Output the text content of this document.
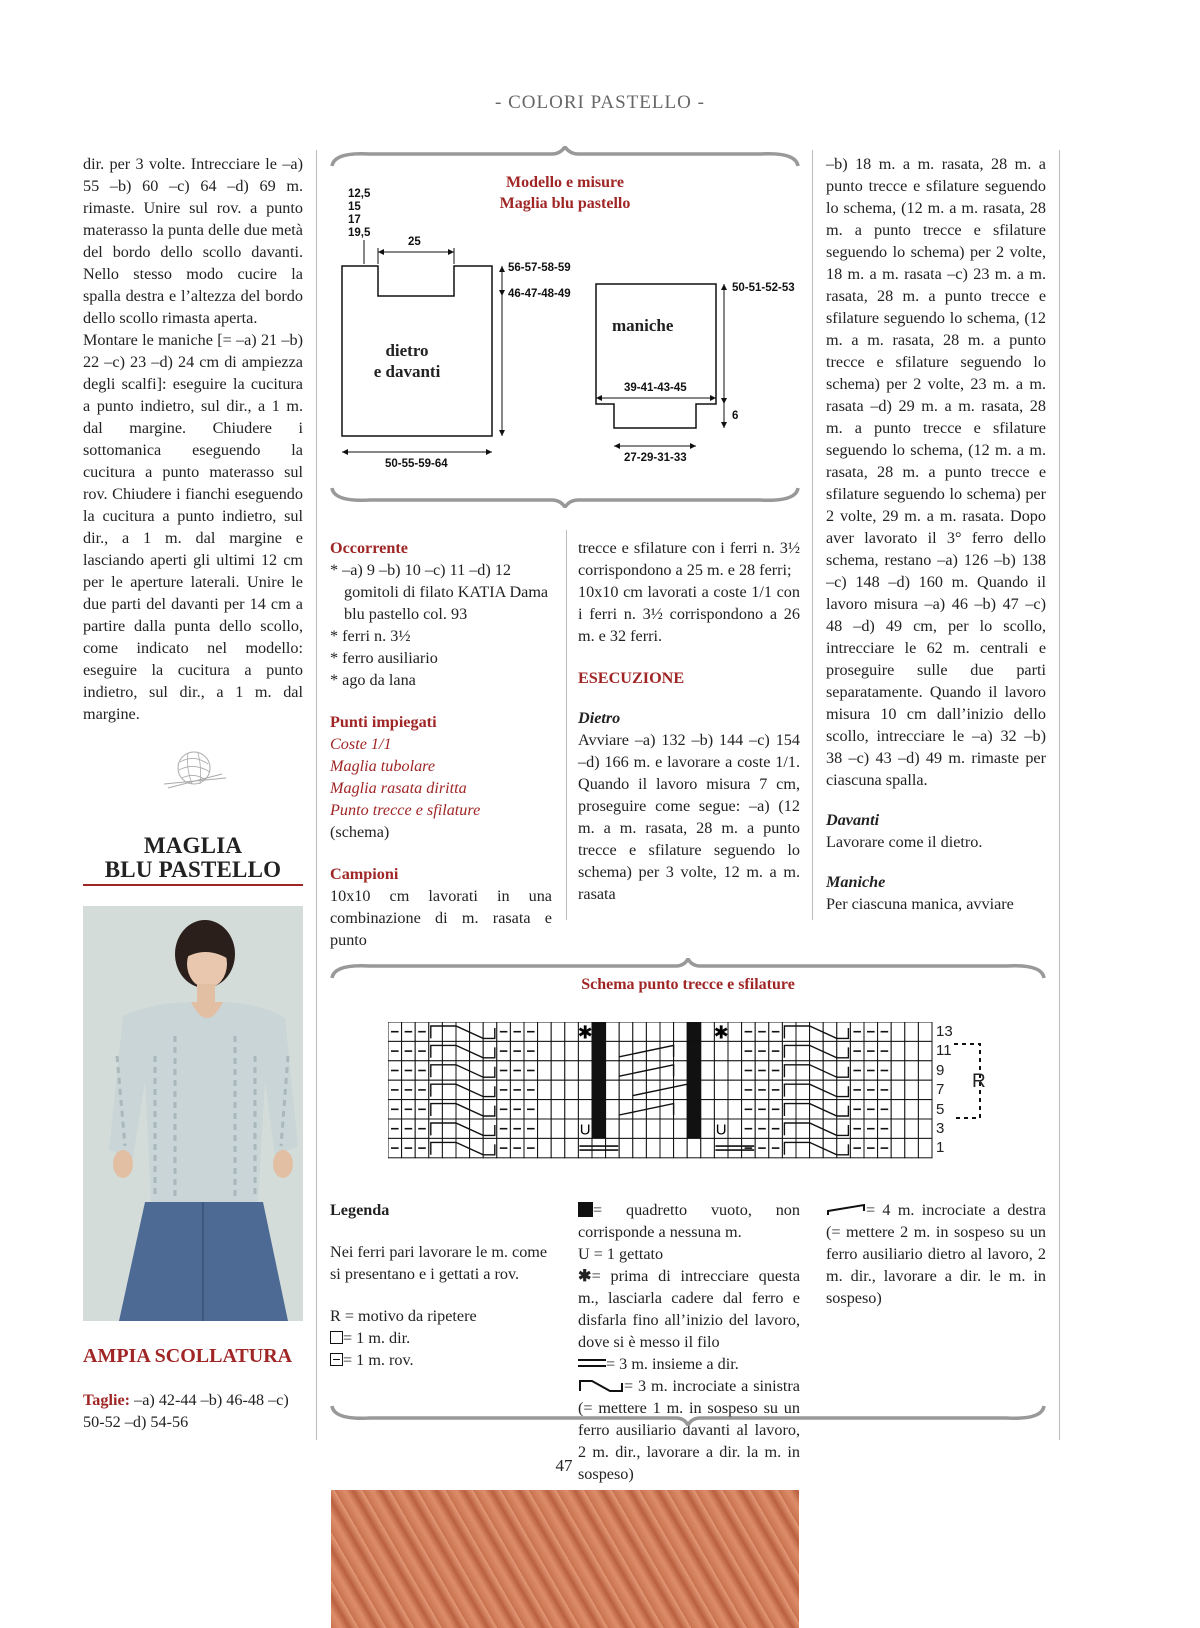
- COLORI PASTELLO -

dir. per 3 volte. Intrecciare le –a) 55 –b) 60 –c) 64 –d) 69 m. rimaste. Unire sul rov. a punto materasso la punta delle due metà del bordo dello scollo davanti. Nello stesso modo cucire la spalla destra e l’altezza del bordo dello scollo rimasta aperta.

Montare le maniche [= –a) 21 –b) 22 –c) 23 –d) 24 cm di ampiezza degli scalfi]: eseguire la cucitura a punto indietro, sul dir., a 1 m. dal margine. Chiudere i sottomanica eseguendo la cucitura a punto materasso sul rov. Chiudere i fianchi eseguendo la cucitura a punto indietro, sul dir., a 1 m. dal margine e lasciando aperti gli ultimi 12 cm per le aperture laterali. Unire le due parti del davanti per 14 cm a partire dalla punta dello scollo, come indicato nel modello: eseguire la cucitura a punto indietro, sul dir., a 1 m. dal margine.

MAGLIA
BLU PASTELLO
AMPIA SCOLLATURA
Taglie: –a) 42-44 –b) 46-48 –c) 50-52 –d) 54-56
Modello e misure
Maglia blu pastello
12,5
15
17
19,5
25
56-57-58-59
46-47-48-49
dietro
e davanti
50-55-59-64
maniche
50-51-52-53
39-41-43-45
6
27-29-31-33
Occorrente
* –a) 9 –b) 10 –c) 11 –d) 12 gomitoli di filato KATIA Dama blu pastello col. 93
* ferri n. 3½
* ferro ausiliario
* ago da lana
Punti impiegati
Coste 1/1
Maglia tubolare
Maglia rasata diritta
Punto trecce e sfilature
(schema)
Campioni
10x10 cm lavorati in una combinazione di m. rasata e punto

trecce e sfilature con i ferri n. 3½ corrispondono a 25 m. e 28 ferri;

10x10 cm lavorati a coste 1/1 con i ferri n. 3½ corrispondono a 26 m. e 32 ferri.

ESECUZIONE
Dietro

Avviare –a) 132 –b) 144 –c) 154 –d) 166 m. e lavorare a coste 1/1. Quando il lavoro misura 7 cm, proseguire come segue: –a) (12 m. a m. rasata, 28 m. a punto trecce e sfilature seguendo lo schema) per 3 volte, 12 m. a m. rasata

–b) 18 m. a m. rasata, 28 m. a punto trecce e sfilature seguendo lo schema, (12 m. a m. rasata, 28 m. a punto trecce e sfilature seguendo lo schema) per 2 volte, 18 m. a m. rasata –c) 23 m. a m. rasata, 28 m. a punto trecce e sfilature seguendo lo schema, (12 m. a m. rasata, 28 m. a punto trecce e sfilature seguendo lo schema) per 2 volte, 23 m. a m. rasata –d) 29 m. a m. rasata, 28 m. a punto trecce e sfilature seguendo lo schema, (12 m. a m. rasata, 28 m. a punto trecce e sfilature seguendo lo schema) per 2 volte, 29 m. a m. rasata. Dopo aver lavorato il 3° ferro dello schema, restano –a) 126 –b) 138 –c) 148 –d) 160 m. Quando il lavoro misura –a) 46 –b) 47 –c) 48 –d) 49 cm, per lo scollo, intrecciare le 62 m. centrali e proseguire sulle due parti separatamente. Quando il lavoro misura 10 cm dall’inizio dello scollo, intrecciare le –a) 32 –b) 38 –c) 43 –d) 49 m. rimaste per ciascuna spalla.

Davanti

Lavorare come il dietro.

Maniche

Per ciascuna manica, avviare

Schema punto trecce e sfilature
✱	✱
U	U
13
11
9
7
5
3
1
R
Legenda
Nei ferri pari lavorare le m. come si presentano e i gettati a rov.
R = motivo da ripetere
= 1 m. dir.
= 1 m. rov.
= quadretto vuoto, non corrisponde a nessuna m.
U = 1 gettato
✱= prima di intrecciare questa m., lasciarla cadere dal ferro e disfarla fino all’inizio del lavoro, dove si è messo il filo
= 3 m. insieme a dir.
= 3 m. incrociate a sinistra (= mettere 1 m. in sospeso su un ferro ausiliario davanti al lavoro, 2 m. dir., lavorare a dir. la m. in sospeso)
= 4 m. incrociate a destra (= mettere 2 m. in sospeso su un ferro ausiliario dietro al lavoro, 2 m. dir., lavorare a dir. le m. in sospeso)
47
